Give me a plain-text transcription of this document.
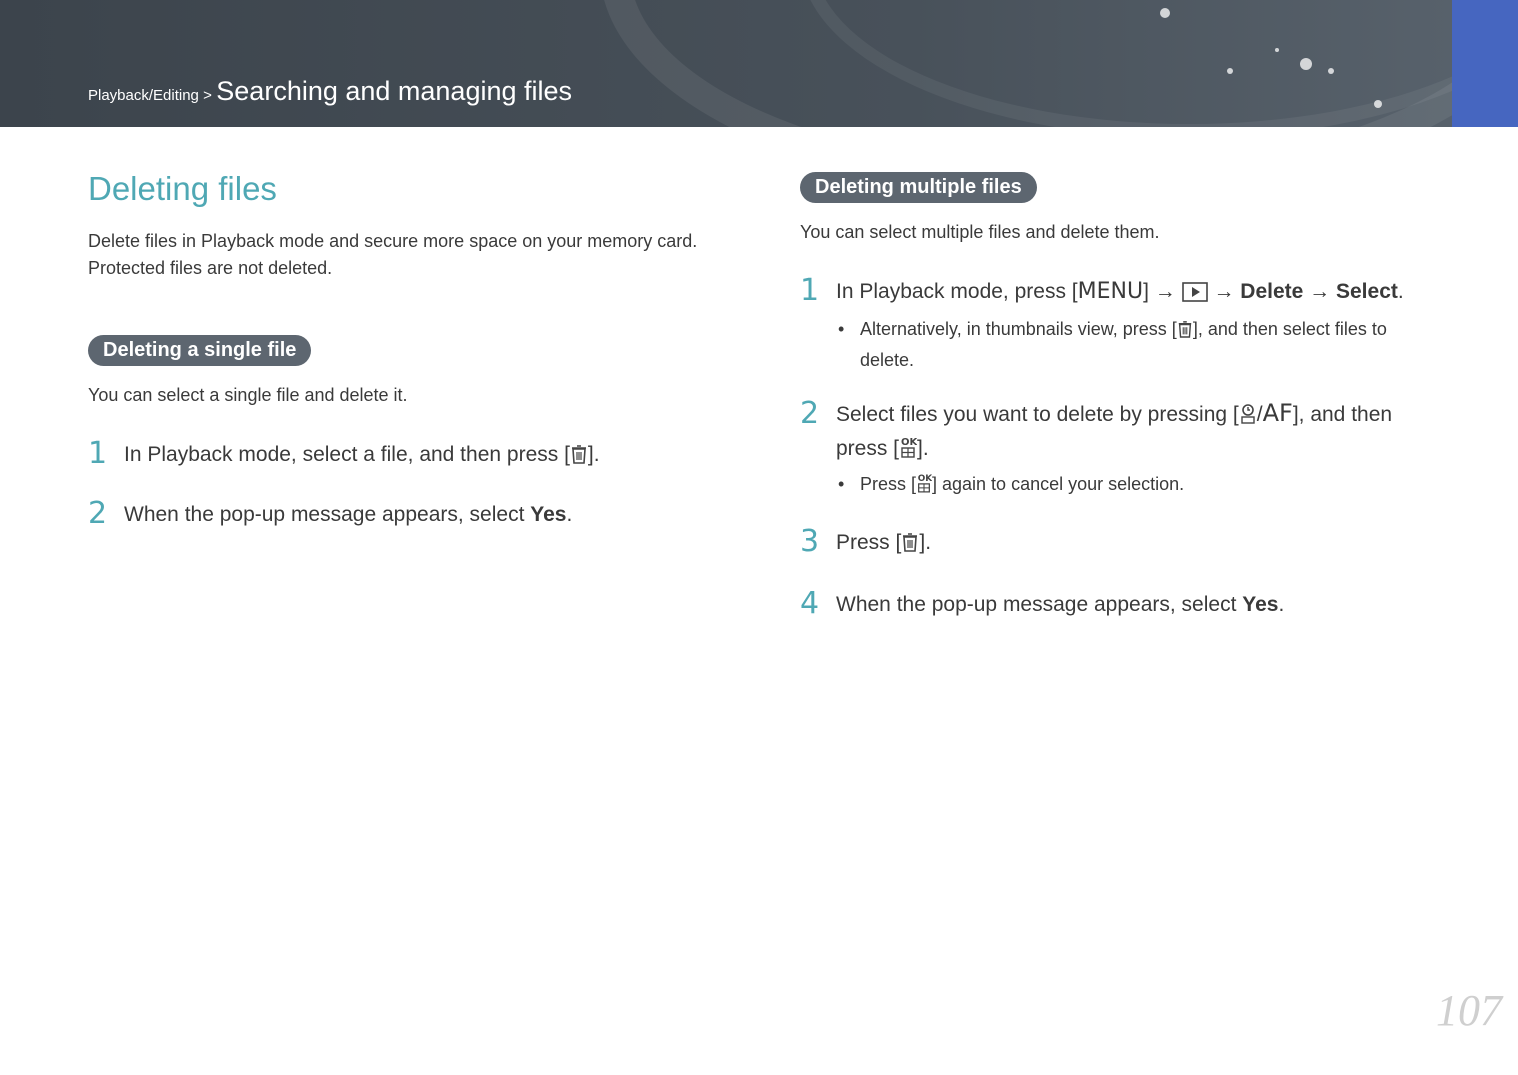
Playback/Editing > Searching and managing files
Deleting files

Delete files in Playback mode and secure more space on your memory card. Protected files are not deleted.

Deleting a single file

You can select a single file and delete it.

1 In Playback mode, select a file, and then press [ ].
2 When the pop-up message appears, select Yes.
Deleting multiple files

You can select multiple files and delete them.

1 In Playback mode, press [MENU] → → Delete → Select.
• Alternatively, in thumbnails view, press [ ], and then select files to
delete.
2 Select files you want to delete by pressing [ /AF], and then
press [ OK ].
• Press [ OK ] again to cancel your selection.
3 Press [ ].
4 When the pop-up message appears, select Yes.
107
